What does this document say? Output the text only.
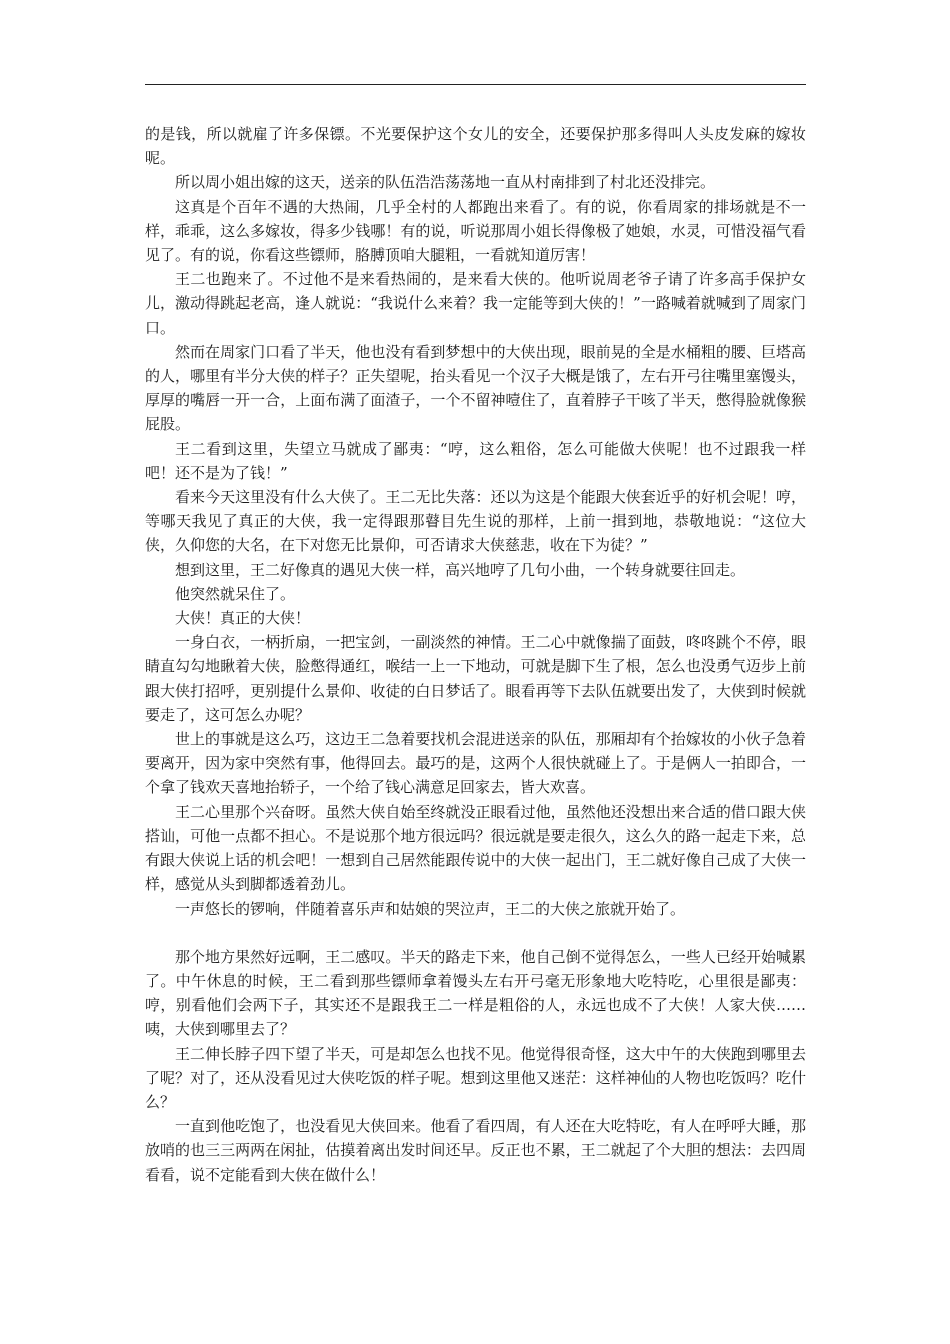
的是钱，所以就雇了许多保镖。不光要保护这个女儿的安全，还要保护那多得叫人头皮发麻的嫁妆呢。

所以周小姐出嫁的这天，送亲的队伍浩浩荡荡地一直从村南排到了村北还没排完。

这真是个百年不遇的大热闹，几乎全村的人都跑出来看了。有的说，你看周家的排场就是不一样，乖乖，这么多嫁妆，得多少钱哪！有的说，听说那周小姐长得像极了她娘，水灵，可惜没福气看见了。有的说，你看这些镖师，胳膊顶咱大腿粗，一看就知道厉害！

王二也跑来了。不过他不是来看热闹的，是来看大侠的。他听说周老爷子请了许多高手保护女儿，激动得跳起老高，逢人就说：“我说什么来着？我一定能等到大侠的！”一路喊着就喊到了周家门口。

然而在周家门口看了半天，他也没有看到梦想中的大侠出现，眼前晃的全是水桶粗的腰、巨塔高的人，哪里有半分大侠的样子？正失望呢，抬头看见一个汉子大概是饿了，左右开弓往嘴里塞馒头，厚厚的嘴唇一开一合，上面布满了面渣子，一个不留神噎住了，直着脖子干咳了半天，憋得脸就像猴屁股。

王二看到这里，失望立马就成了鄙夷：“哼，这么粗俗，怎么可能做大侠呢！也不过跟我一样吧！还不是为了钱！”

看来今天这里没有什么大侠了。王二无比失落：还以为这是个能跟大侠套近乎的好机会呢！哼，等哪天我见了真正的大侠，我一定得跟那瞽目先生说的那样，上前一揖到地，恭敬地说：“这位大侠，久仰您的大名，在下对您无比景仰，可否请求大侠慈悲，收在下为徒？”

想到这里，王二好像真的遇见大侠一样，高兴地哼了几句小曲，一个转身就要往回走。

他突然就呆住了。

大侠！真正的大侠！

一身白衣，一柄折扇，一把宝剑，一副淡然的神情。王二心中就像揣了面鼓，咚咚跳个不停，眼睛直勾勾地瞅着大侠，脸憋得通红，喉结一上一下地动，可就是脚下生了根，怎么也没勇气迈步上前跟大侠打招呼，更别提什么景仰、收徒的白日梦话了。眼看再等下去队伍就要出发了，大侠到时候就要走了，这可怎么办呢？

世上的事就是这么巧，这边王二急着要找机会混进送亲的队伍，那厢却有个抬嫁妆的小伙子急着要离开，因为家中突然有事，他得回去。最巧的是，这两个人很快就碰上了。于是俩人一拍即合，一个拿了钱欢天喜地抬轿子，一个给了钱心满意足回家去，皆大欢喜。

王二心里那个兴奋呀。虽然大侠自始至终就没正眼看过他，虽然他还没想出来合适的借口跟大侠搭讪，可他一点都不担心。不是说那个地方很远吗？很远就是要走很久，这么久的路一起走下来，总有跟大侠说上话的机会吧！一想到自己居然能跟传说中的大侠一起出门，王二就好像自己成了大侠一样，感觉从头到脚都透着劲儿。

一声悠长的锣响，伴随着喜乐声和姑娘的哭泣声，王二的大侠之旅就开始了。

那个地方果然好远啊，王二感叹。半天的路走下来，他自己倒不觉得怎么，一些人已经开始喊累了。中午休息的时候，王二看到那些镖师拿着馒头左右开弓毫无形象地大吃特吃，心里很是鄙夷：哼，别看他们会两下子，其实还不是跟我王二一样是粗俗的人，永远也成不了大侠！人家大侠……咦，大侠到哪里去了？

王二伸长脖子四下望了半天，可是却怎么也找不见。他觉得很奇怪，这大中午的大侠跑到哪里去了呢？对了，还从没看见过大侠吃饭的样子呢。想到这里他又迷茫：这样神仙的人物也吃饭吗？吃什么？

一直到他吃饱了，也没看见大侠回来。他看了看四周，有人还在大吃特吃，有人在呼呼大睡，那放哨的也三三两两在闲扯，估摸着离出发时间还早。反正也不累，王二就起了个大胆的想法：去四周看看，说不定能看到大侠在做什么！
